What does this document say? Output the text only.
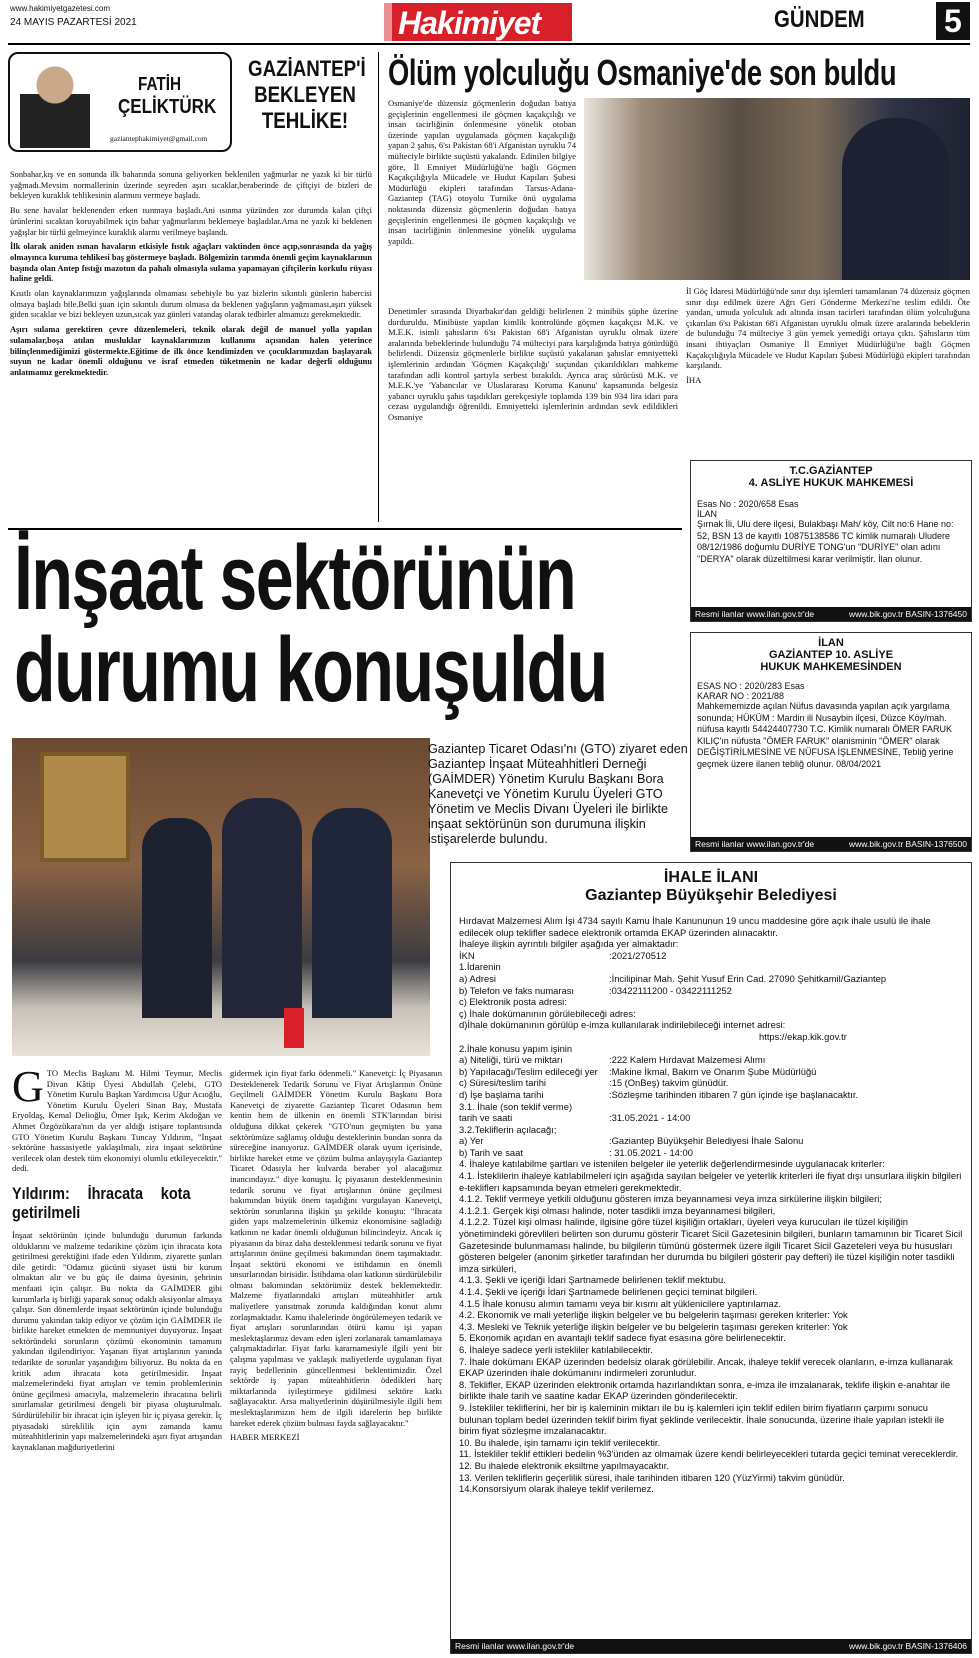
www.hakimiyetgazetesi.com
24 MAYIS PAZARTESİ 2021	Hakimiyet	GÜNDEM 5
FATİH
ÇELİKTÜRK
gaziantephakimiyet@gmail.com
GAZİANTEP'İ
BEKLEYEN
TEHLİKE!

Sonbahar,kış ve en sonunda ilk baharında sonuna geliyorken beklenilen yağmurlar ne yazık ki bir türlü yağmadı.Mevsim normallerinin üzerinde seyreden aşırı sıcaklar,beraberinde de çiftçiyi de bizleri de bekleyen kuraklık tehlikesinin alarmını vermeye başladı.

Bu sene havalar beklenenden erken ısınmaya başladı.Ani ısınma yüzünden zor durumda kalan çiftçi ürünlerini sıcaktan koruyabilmek için bahar yağmurlarını beklemeye başladılar.Ama ne yazık ki beklenen yağışlar bir türlü gelmeyince kuraklık alarmı verilmeye başlandı.

İlk olarak aniden ısınan havaların etkisiyle fıstık ağaçları vaktinden önce açıp,sonrasında da yağış olmayınca kuruma tehlikesi baş göstermeye başladı. Bölgemizin tarımda önemli geçim kaynaklarının başında olan Antep fıstığı mazotun da pahalı olmasıyla sulama yapamayan çiftçilerin korkulu rüyası haline geldi.

Kısıtlı olan kaynaklarımızın yağışlarında olmaması sebebiyle bu yaz bizlerin sıkıntılı günlerin habercisi olmaya başladı bile.Belki şuan için sıkıntılı durum olmasa da beklenen yağışların yağmaması,aşırı yüksek giden sıcaklar ve bizi bekleyen uzun,sıcak yaz günleri vatandaş olarak tedbirler almamızı gerekmektedir.

Aşırı sulama gerektiren çevre düzenlemeleri, teknik olarak değil de manuel yolla yapılan sulamalar,boşa atılan musluklar kaynaklarımızın kullanımı açısından halen yeterince bilinçlenmediğimizi göstermekte.Eğitime de ilk önce kendimizden ve çocuklarımızdan başlayarak suyun ne kadar önemli olduğunu ve israf etmeden tüketmenin ne kadar değerli olduğunu anlatmamız gerekmektedir.

Ölüm yolculuğu Osmaniye'de son buldu

Osmaniye'de düzensiz göçmenlerin doğudan batıya geçişlerinin engellenmesi ile göçmen kaçakçılığı ve insan tacirliğinin önlenmesine yönelik otoban üzerinde yapılan uygulamada göçmen kaçakçılığı yapan 2 şahıs, 6'sı Pakistan 68'i Afganistan uyruklu 74 mülteciyle birlikte suçüstü yakalandı. Edinilen bilgiye göre, İl Emniyet Müdürlüğü'ne bağlı Göçmen Kaçakçılığıyla Mücadele ve Hudut Kapıları Şubesi Müdürlüğü ekipleri tarafından Tarsus-Adana-Gaziantep (TAG) otoyolu Turnike önü uygulama noktasında düzensiz göçmenlerin doğudan batıya geçişlerinin engellenmesi ile göçmen kaçakçılığı ve insan tacirliğinin önlenmesine yönelik uygulama yapıldı.

Denetimler sırasında Diyarbakır'dan geldiği belirlenen 2 minibüs şüphe üzerine durduruldu. Minibüste yapılan kimlik kontrolünde göçmen kaçakçısı M.K. ve M.E.K. isimli şahısların 6'sı Pakistan 68'i Afganistan uyruklu olmak üzere aralarında bebeklerinde bulunduğu 74 mülteciyi para karşılığında batıya götürdüğü belirlendi. Düzensiz göçmenlerle birlikte suçüstü yakalanan şahıslar emniyetteki işlemlerinin ardından 'Göçmen Kaçakçılığı' suçundan çıkarıldıkları mahkeme tarafından adli kontrol şartıyla serbest bırakıldı. Ayrıca araç sürücüsü M.K. ve M.E.K.'ye 'Yabancılar ve Uluslararası Koruma Kanunu' kapsamında belgesiz yabancı uyruklu şahıs taşıdıkları gerekçesiyle toplamda 139 bin 934 lira idari para cezası uygulandığı öğrenildi. Emniyetteki işlemlerinin ardından sevk edildikleri Osmaniye

İl Göç İdaresi Müdürlüğü'nde sınır dışı işlemleri tamamlanan 74 düzensiz göçmen sınır dışı edilmek üzere Ağrı Geri Gönderme Merkezi'ne teslim edildi. Öte yandan, umuda yolculuk adı altında insan tacirleri tarafından ölüm yolculuğuna çıkarılan 6'sı Pakistan 68'i Afganistan uyruklu olmak üzere aralarında bebeklerin de bulunduğu 74 mülteciye 3 gün yemek yemediği ortaya çıktı. Şahısların tüm insani ihtiyaçları Osmaniye İl Emniyet Müdürlüğü'ne bağlı Göçmen Kaçakçılığıyla Mücadele ve Hudut Kapıları Şubesi Müdürlüğü ekipleri tarafından karşılandı.

İHA

T.C.GAZİANTEP
4. ASLİYE HUKUK MAHKEMESİ
Esas No : 2020/658 Esas
İLAN
Şırnak İli, Ulu dere ilçesi, Bulakbaşı Mah/ köy, Cilt no:6 Hane no: 52, BSN 13 de kayıtlı 10875138586 TC kimlik numaralı Uludere 08/12/1986 doğumlu DURİYE TONG'un "DURİYE" olan adını "DERYA" olarak düzeltilmesi karar verilmiştir. İlan olunur.
Resmi ilanlar www.ilan.gov.tr'de	www.bik.gov.tr BASIN-1376450
İLAN
GAZİANTEP 10. ASLİYE
HUKUK MAHKEMESİNDEN
ESAS NO : 2020/283 Esas
KARAR NO : 2021/88
Mahkememizde açılan Nüfus davasında yapılan açık yargılama sonunda; HÜKÜM : Mardin ili Nusaybin ilçesi, Düzce Köy/mah. nüfusa kayıtlı 54424407730 T.C. Kimlik numaralı ÖMER FARUK KILIÇ'ın nüfusta "ÖMER FARUK" olanisminin "ÖMER" olarak DEĞİŞTİRİLMESİNE VE NÜFUSA İŞLENMESİNE, Tebliğ yerine geçmek üzere ilanen tebliğ olunur. 08/04/2021
Resmi ilanlar www.ilan.gov.tr'de	www.bik.gov.tr BASIN-1376500
İnşaat sektörünün
durumu konuşuldu
Gaziantep Ticaret Odası'nı (GTO) ziyaret eden Gaziantep İnşaat Müteahhitleri Derneği (GAİMDER) Yönetim Kurulu Başkanı Bora Kanevetçi ve Yönetim Kurulu Üyeleri GTO Yönetim ve Meclis Divanı Üyeleri ile birlikte inşaat sektörünün son durumuna ilişkin istişarelerde bulundu.
G TO Meclis Başkanı M. Hilmi Teymur, Meclis Divan Kâtip Üyesi Abdullah Çelebi, GTO Yönetim Kurulu Başkan Yardımcısı Uğur Acıoğlu, Yönetim Kurulu Üyeleri Sinan Bay, Mustafa Eryoldaş, Kemal Delioğlu, Ömer Işık, Kerim Akdoğan ve Ahmet Özgözükara'nın da yer aldığı istişare toplantısında GTO Yönetim Kurulu Başkanı Tuncay Yıldırım, "İnşaat sektörüne hassasiyetle yaklaşılmalı, zira inşaat sektörüne verilecek olan destek tüm ekonomiyi olumlu etkileyecektir." dedi.

Yıldırım: İhracata kota getirilmeli

İnşaat sektörünün içinde bulunduğu durumun farkında olduklarını ve malzeme tedarikine çözüm için ihracata kota getirilmesi gerektiğini ifade eden Yıldırım, ziyarette şunları dile getirdi: "Odamız gücünü siyaset üstü bir kurum olmaktan alır ve bu güç ile daima üyesinin, şehrinin menfaati için çalışır. Bu nokta da GAİMDER gibi kurumlarla iş birliği yaparak sonuç odaklı aksiyonlar almaya çalışır. Son dönemlerde inşaat sektörünün içinde bulunduğu durumu yakından takip ediyor ve çözüm için GAİMDER ile birlikte hareket etmekten de memnuniyet duyuyoruz. İnşaat sektöründeki sorunların çözümü ekonominin tamamını yakından ilgilendiriyor. Yaşanan fiyat artışlarının yanında tedarikte de sorunlar yaşandığını biliyoruz. Bu nokta da en kritik adım ihracata kota getirilmesidir. İnşaat malzemelerindeki fiyat artışları ve temin problemlerinin önüne geçilmesi amacıyla, malzemelerin ihracatına belirli sınırlamalar getirilmesi dengeli bir piyasa oluşturulmalı. Sürdürülebilir bir ihracat için işleyen bir iç piyasa gerekir. İç piyasadaki süreklilik için aynı zamanda kamu müteahhitlerinin yapı malzemelerindeki aşırı fiyat artışından kaynaklanan mağduriyetlerini

gidermek için fiyat farkı ödenmeli." Kanevetçi: İç Piyasanın Desteklenerek Tedarik Sorunu ve Fiyat Artışlarının Önüne Geçilmeli GAİMDER Yönetim Kurulu Başkanı Bora Kanevetçi de ziyarette Gaziantep Ticaret Odasının hem kentin hem de ülkenin en önemli STK'larından birisi olduğuna dikkat çekerek "GTO'nun geçmişten bu yana sektörümüze sağlamış olduğu desteklerinin bundan sonra da süreceğine inanıyoruz. GAİMDER olarak uyum içerisinde, birlikte hareket etme ve çözüm bulma anlayışıyla Gaziantep Ticaret Odasıyla her kulvarda beraber yol alacağımız inancındayız." diye konuştu. İç piyasanın desteklenmesinin tedarik sorunu ve fiyat artışlarının önüne geçilmesi bakımından büyük önem taşıdığını vurgulayan Kanevetçi, sektörün sorunlarına ilişkin şu şekilde konuştu: "İhracata giden yapı malzemelerinin ülkemiz ekonomisine sağladığı katkının ne kadar önemli olduğunun bilincindeyiz. Ancak iç piyasanın da biraz daha desteklenmesi tedarik sorunu ve fiyat artışlarının önüne geçilmesi bakımından önem taşımaktadır. İnşaat sektörü ekonomi ve istihdamın en önemli unsurlarından birisidir. İstihdama olan katkının sürdürülebilir olması bakımından sektörümüz destek beklemektedir. Malzeme fiyatlarındaki artışları müteahhitler artık maliyetlere yansıtmak zorunda kaldığından konut alımı zorlaşmaktadır. Kamu ihalelerinde öngörülemeyen tedarik ve fiyat artışları sorunlarından ötürü kamu işi yapan meslektaşlarımız devam eden işleri zorlanarak tamamlamaya çalışmaktadırlar. Fiyat farkı kararnamesiyle ilgili yeni bir çalışma yapılması ve yaklaşık maliyetlerde uygulanan fiyat rayiç bedellerinin güncellenmesi beklentimizdir. Özel sektörde iş yapan müteahhitlerin ödedikleri harç miktarlarında iyileştirmeye gidilmesi sektöre katkı sağlayacaktır. Arsa maliyetlerinin düşürülmesiyle ilgili hem meslektaşlarımızın hem de ilgili idarelerin hep birlikte hareket ederek çözüm bulması fayda sağlayacaktır."

HABER MERKEZİ

İHALE İLANI
Gaziantep Büyükşehir Belediyesi
Hırdavat Malzemesi Alım İşi 4734 sayılı Kamu İhale Kanununun 19 uncu maddesine göre açık ihale usulü ile ihale edilecek olup teklifler sadece elektronik ortamda EKAP üzerinden alınacaktır.
İhaleye ilişkin ayrıntılı bilgiler aşağıda yer almaktadır:
İKN	:2021/270512
1.İdarenin
a) Adresi	:İncilipinar Mah. Şehit Yusuf Erin Cad. 27090 Şehitkamil/Gaziantep
b) Telefon ve faks numarası	:03422111200 - 03422111252
c) Elektronik posta adresi:
ç) İhale dokümanının görülebileceği adres:
d)İhale dokümanının görülüp e-imza kullanılarak indirilebileceği internet adresi:
https://ekap.kik.gov.tr
2.İhale konusu yapım işinin
a) Niteliği, türü ve miktarı	:222 Kalem Hırdavat Malzemesi Alımı
b) Yapılacağı/Teslim edileceği yer	:Makine İkmal, Bakım ve Onarım Şube Müdürlüğü
c) Süresi/teslim tarihi	:15 (OnBeş) takvim günüdür.
d) İşe başlama tarihi	:Sözleşme tarihinden itibaren 7 gün içinde işe başlanacaktır.
3.1. İhale (son teklif verme)
tarih ve saati	:31.05.2021 - 14:00
3.2.Tekliflerin açılacağı;
a) Yer	:Gaziantep Büyükşehir Belediyesi İhale Salonu
b) Tarih ve saat	: 31.05.2021 - 14:00
4. İhaleye katılabilme şartları ve istenilen belgeler ile yeterlik değerlendirmesinde uygulanacak kriterler:
4.1. İsteklilerin ihaleye katılabilmeleri için aşağıda sayılan belgeler ve yeterlik kriterleri ile fiyat dışı unsurlara ilişkin bilgileri e-tekliflerı kapsamında beyan etmeleri gerekmektedir.
4.1.2. Teklif vermeye yetkili olduğunu gösteren imza beyannamesi veya imza sirkülerine ilişkin bilgileri;
4.1.2.1. Gerçek kişi olması halinde, noter tasdikli imza beyannamesi bilgileri,
4.1.2.2. Tüzel kişi olması halinde, ilgisine göre tüzel kişiliğin ortakları, üyeleri veya kurucuları ile tüzel kişiliğin yönetimindeki görevlileri belirten son durumu gösterir Ticaret Sicil Gazetesinin bilgileri, bunların tamamının bir Ticaret Sicil Gazetesinde bulunmaması halinde, bu bilgilerin tümünü göstermek üzere ilgili Ticaret Sicil Gazeteleri veya bu hususları gösteren belgeler (anonim şirketler tarafından her durumda bu bilgileri gösterir pay defteri) ile tüzel kişiliğin noter tasdikli imza sirküleri,
4.1.3. Şekli ve içeriği İdari Şartnamede belirlenen teklif mektubu.
4.1.4. Şekli ve içeriği İdari Şartnamede belirlenen geçici teminat bilgileri.
4.1.5 İhale konusu alımın tamamı veya bir kısmı alt yüklenicilere yaptırılamaz.
4.2. Ekonomik ve mali yeterliğe ilişkin belgeler ve bu belgelerin taşıması gereken kriterler: Yok
4.3. Mesleki ve Teknik yeterliğe ilişkin belgeler ve bu belgelerin taşıması gereken kriterler: Yok
5. Ekonomik açıdan en avantajlı teklif sadece fiyat esasına göre belirlenecektir.
6. İhaleye sadece yerli istekliler katılabilecektir.
7. İhale dokümanı EKAP üzerinden bedelsiz olarak görülebilir. Ancak, ihaleye teklif verecek olanların, e-imza kullanarak EKAP üzerinden ihale dokümanını indirmeleri zorunludur.
8. Teklifler, EKAP üzerinden elektronik ortamda hazırlandıktan sonra, e-imza ile imzalanarak, teklife ilişkin e-anahtar ile birlikte ihale tarih ve saatine kadar EKAP üzerinden gönderilecektir.
9. İstekliler tekliflerini, her bir iş kaleminin miktarı ile bu iş kalemleri için teklif edilen birim fiyatların çarpımı sonucu bulunan toplam bedel üzerinden teklif birim fiyat şeklinde verilecektir. İhale sonucunda, üzerine ihale yapılan istekli ile birim fiyat sözleşme imzalanacaktır.
10. Bu ihalede, işin tamamı için teklif verilecektir.
11. İstekliler teklif ettikleri bedelin %3'ünden az olmamak üzere kendi belirleyecekleri tutarda geçici teminat vereceklerdir.
12. Bu ihalede elektronik eksiltme yapılmayacaktır.
13. Verilen tekliflerin geçerlilik süresi, ihale tarihinden itibaren 120 (YüzYirmi) takvim günüdür.
14.Konsorsiyum olarak ihaleye teklif verilemez.
Resmi ilanlar www.ilan.gov.tr'de	www.bik.gov.tr BASIN-1376406
